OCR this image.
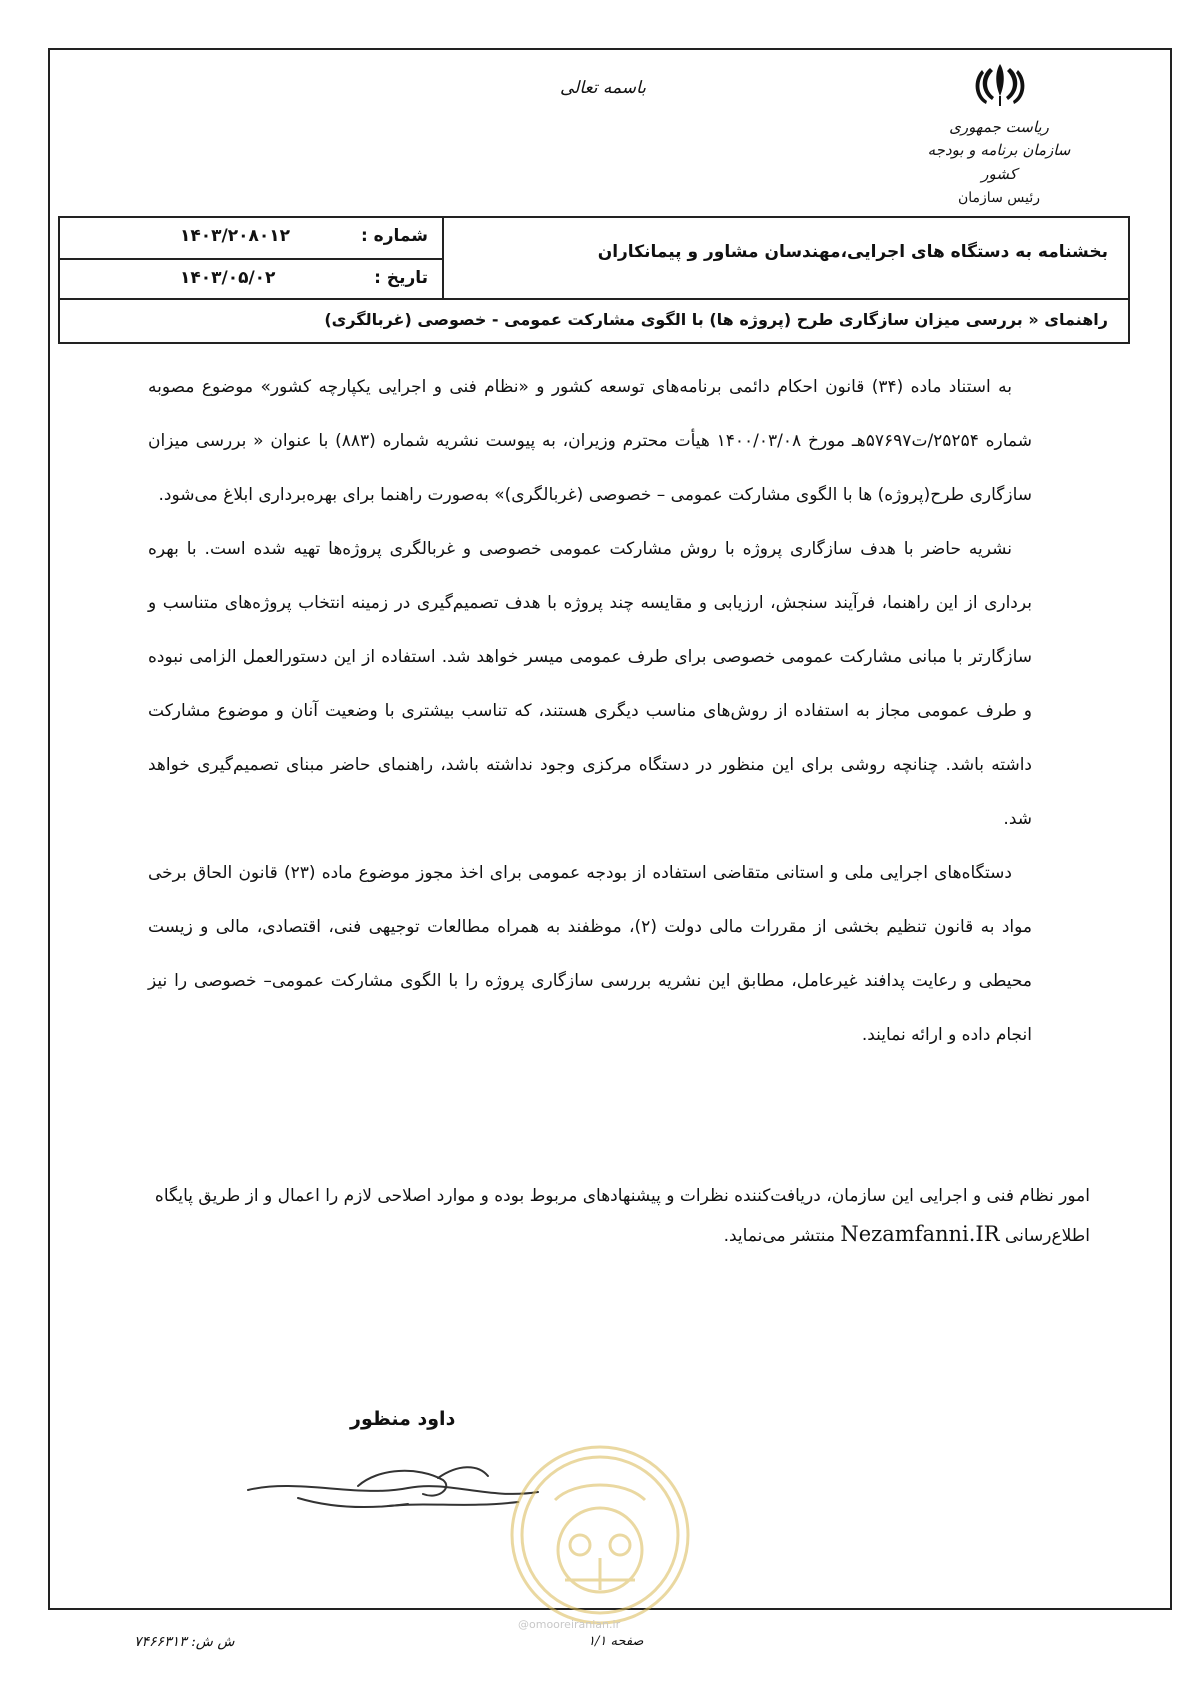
باسمه تعالی
ریاست جمهوری
سازمان برنامه و بودجه کشور
رئیس سازمان
بخشنامه به دستگاه های اجرایی،مهندسان مشاور و پیمانکاران
شماره :
۱۴۰۳/۲۰۸۰۱۲
تاریخ :
۱۴۰۳/۰۵/۰۲
راهنمای « بررسی میزان سازگاری طرح (پروژه ها) با الگوی مشارکت عمومی - خصوصی (غربالگری)

به استناد ماده (۳۴) قانون احکام دائمی برنامه‌های توسعه کشور و «نظام فنی و اجرایی یکپارچه کشور» موضوع مصوبه شماره ۲۵۲۵۴/ت۵۷۶۹۷هـ مورخ ۱۴۰۰/۰۳/۰۸ هیأت محترم وزیران، به پیوست نشریه شماره (۸۸۳) با عنوان « بررسی میزان سازگاری طرح(پروژه) ها با الگوی مشارکت عمومی – خصوصی (غربالگری)» به‌صورت راهنما برای بهره‌برداری ابلاغ می‌شود.

نشریه حاضر با هدف سازگاری پروژه با روش مشارکت عمومی خصوصی و غربالگری پروژه‌ها تهیه شده است. با بهره برداری از این راهنما، فرآیند سنجش، ارزیابی و مقایسه چند پروژه با هدف تصمیم‌گیری در زمینه انتخاب پروژه‌های متناسب و سازگارتر با مبانی مشارکت عمومی خصوصی برای طرف عمومی میسر خواهد شد. استفاده از این دستورالعمل الزامی نبوده و طرف عمومی مجاز به استفاده از روش‌های مناسب دیگری هستند، که تناسب بیشتری با وضعیت آنان و موضوع مشارکت داشته باشد. چنانچه روشی برای این منظور در دستگاه مرکزی وجود نداشته باشد، راهنمای حاضر مبنای تصمیم‌گیری خواهد شد.

دستگاه‌های اجرایی ملی و استانی متقاضی استفاده از بودجه عمومی برای اخذ مجوز موضوع ماده (۲۳) قانون الحاق برخی مواد به قانون تنظیم بخشی از مقررات مالی دولت (۲)، موظفند به همراه مطالعات توجیهی فنی، اقتصادی، مالی و زیست محیطی و رعایت پدافند غیرعامل، مطابق این نشریه بررسی سازگاری پروژه را با الگوی مشارکت عمومی– خصوصی را نیز انجام داده و ارائه نمایند.

امور نظام فنی و اجرایی این سازمان، دریافت‌کننده نظرات و پیشنهادهای مربوط بوده و موارد اصلاحی لازم را اعمال و از طریق پایگاه اطلاع‌رسانی Nezamfanni.IR منتشر می‌نماید.
داود منظور
@omooreiranian.ir
ش ش: ۷۴۶۶۳۱۳	صفحه ۱/۱
